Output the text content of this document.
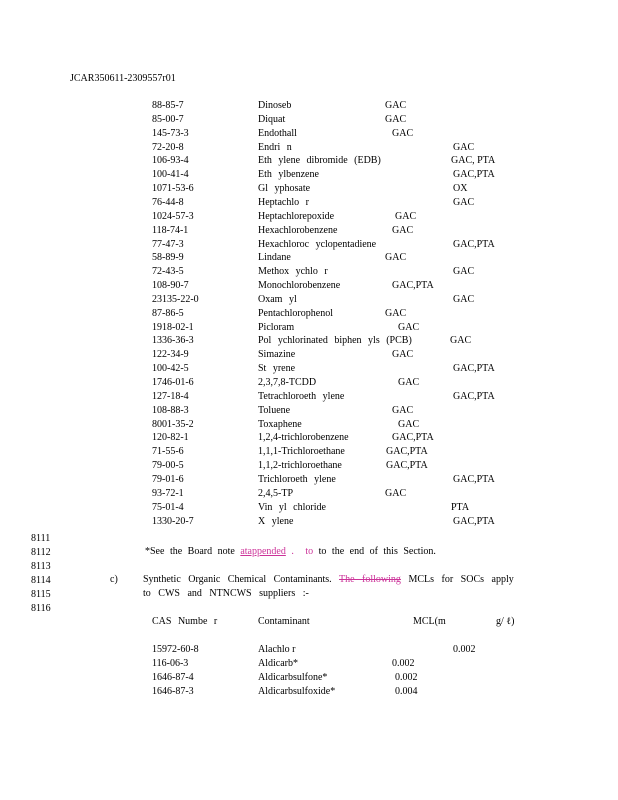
JCAR350611-2309557r01
88-85-7	Dinoseb	GAC
85-00-7	Diquat	GAC
145-73-3	Endothall	GAC
72-20-8	Endri n	GAC
106-93-4	Eth ylene dibromide (EDB)	GAC, PTA
100-41-4	Eth ylbenzene	GAC,PTA
1071-53-6	Gl yphosate	OX
76-44-8	Heptachlo r	GAC
1024-57-3	Heptachlorepoxide	GAC
118-74-1	Hexachlorobenzene	GAC
77-47-3	Hexachloroc yclopentadiene	GAC,PTA
58-89-9	Lindane	GAC
72-43-5	Methox ychlo r	GAC
108-90-7	Monochlorobenzene	GAC,PTA
23135-22-0	Oxam yl	GAC
87-86-5	Pentachlorophenol	GAC
1918-02-1	Picloram	GAC
1336-36-3	Pol ychlorinated biphen yls (PCB)	GAC
122-34-9	Simazine	GAC
100-42-5	St yrene	GAC,PTA
1746-01-6	2,3,7,8-TCDD	GAC
127-18-4	Tetrachloroeth ylene	GAC,PTA
108-88-3	Toluene	GAC
8001-35-2	Toxaphene	GAC
120-82-1	1,2,4-trichlorobenzene	GAC,PTA
71-55-6	1,1,1-Trichloroethane	GAC,PTA
79-00-5	1,1,2-trichloroethane	GAC,PTA
79-01-6	Trichloroeth ylene	GAC,PTA
93-72-1	2,4,5-TP	GAC
75-01-4	Vin yl chloride	PTA
1330-20-7	X ylene	GAC,PTA
8111
8112
8113
8114
8115
8116
*See the Board note atappended . to to the end of this Section.
c)	Synthetic Organic Chemical Contaminants. The following MCLs for SOCs apply
to CWS and NTNCWS suppliers :-
CAS Numbe r	Contaminant	MCL(m	g/ ℓ)
15972-60-8	Alachlo r	0.002
116-06-3	Aldicarb*	0.002
1646-87-4	Aldicarbsulfone*	0.002
1646-87-3	Aldicarbsulfoxide*	0.004
